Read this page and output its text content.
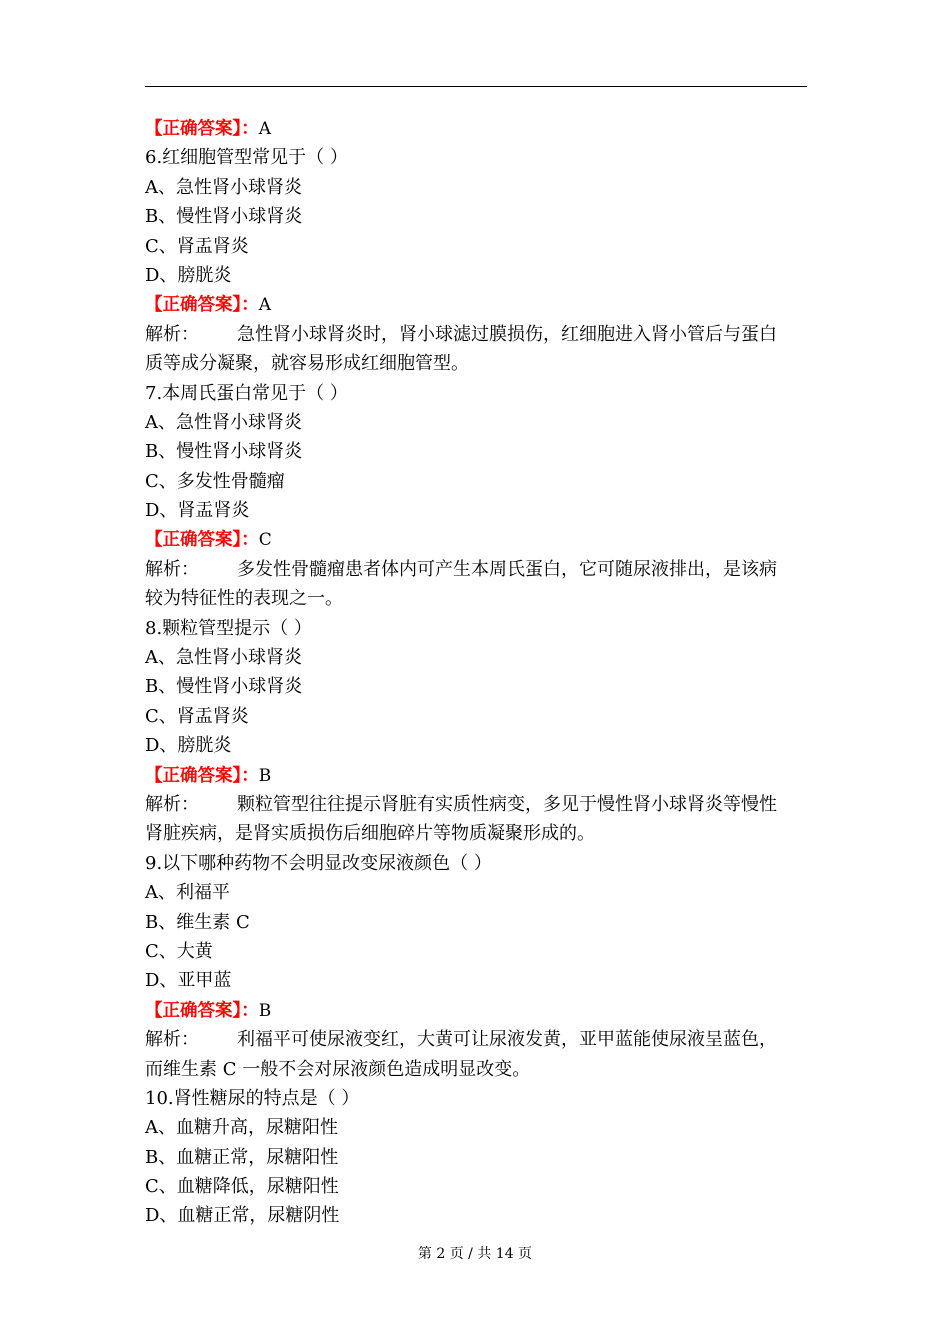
【正确答案】：A
6.红细胞管型常见于（ ）
A、急性肾小球肾炎
B、慢性肾小球肾炎
C、肾盂肾炎
D、膀胱炎
【正确答案】：A
解析： 急性肾小球肾炎时，肾小球滤过膜损伤，红细胞进入肾小管后与蛋白
质等成分凝聚，就容易形成红细胞管型。
7.本周氏蛋白常见于（ ）
A、急性肾小球肾炎
B、慢性肾小球肾炎
C、多发性骨髓瘤
D、肾盂肾炎
【正确答案】：C
解析： 多发性骨髓瘤患者体内可产生本周氏蛋白，它可随尿液排出，是该病
较为特征性的表现之一。
8.颗粒管型提示（ ）
A、急性肾小球肾炎
B、慢性肾小球肾炎
C、肾盂肾炎
D、膀胱炎
【正确答案】：B
解析： 颗粒管型往往提示肾脏有实质性病变，多见于慢性肾小球肾炎等慢性
肾脏疾病，是肾实质损伤后细胞碎片等物质凝聚形成的。
9.以下哪种药物不会明显改变尿液颜色（ ）
A、利福平
B、维生素 C
C、大黄
D、亚甲蓝
【正确答案】：B
解析： 利福平可使尿液变红，大黄可让尿液发黄，亚甲蓝能使尿液呈蓝色，
而维生素 C 一般不会对尿液颜色造成明显改变。
10.肾性糖尿的特点是（ ）
A、血糖升高，尿糖阳性
B、血糖正常，尿糖阳性
C、血糖降低，尿糖阳性
D、血糖正常，尿糖阴性
第 2 页 / 共 14 页
